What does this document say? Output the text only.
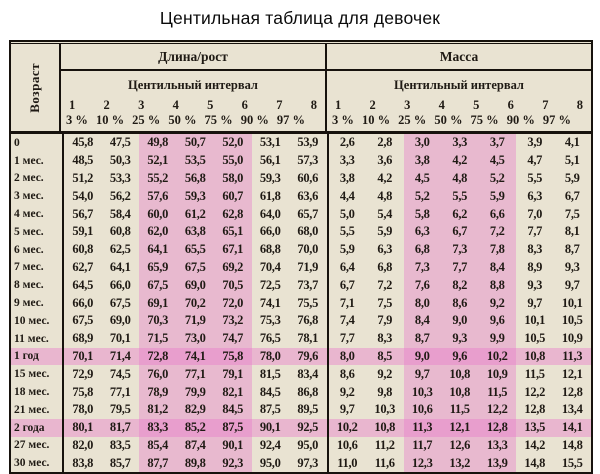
Центильная таблица для девочек
Возраст
Длина/рост
Центильный интервал
1 2 3 4 5 6 7 8
3 % 10 % 25 % 50 % 75 % 90 % 97 %
Масса
Центильный интервал
1 2 3 4 5 6 7 8
3 % 10 % 25 % 50 % 75 % 90 % 97 %
0	45,8	47,5	49,8	50,7	52,0	53,1	53,9	2,6	2,8	3,0	3,3	3,7	3,9	4,1
1 мес.	48,5	50,3	52,1	53,5	55,0	56,1	57,3	3,3	3,6	3,8	4,2	4,5	4,7	5,1
2 мес.	51,2	53,3	55,2	56,8	58,0	59,3	60,6	3,8	4,2	4,5	4,8	5,2	5,5	5,9
3 мес.	54,0	56,2	57,6	59,3	60,7	61,8	63,6	4,4	4,8	5,2	5,5	5,9	6,3	6,7
4 мес.	56,7	58,4	60,0	61,2	62,8	64,0	65,7	5,0	5,4	5,8	6,2	6,6	7,0	7,5
5 мес.	59,1	60,8	62,0	63,8	65,1	66,0	68,0	5,5	5,9	6,3	6,7	7,2	7,7	8,1
6 мес.	60,8	62,5	64,1	65,5	67,1	68,8	70,0	5,9	6,3	6,8	7,3	7,8	8,3	8,7
7 мес.	62,7	64,1	65,9	67,5	69,2	70,4	71,9	6,4	6,8	7,3	7,7	8,4	8,9	9,3
8 мес.	64,5	66,0	67,5	69,0	70,5	72,5	73,7	6,7	7,2	7,6	8,2	8,8	9,3	9,7
9 мес.	66,0	67,5	69,1	70,2	72,0	74,1	75,5	7,1	7,5	8,0	8,6	9,2	9,7	10,1
10 мес.	67,5	69,0	70,3	71,9	73,2	75,3	76,8	7,4	7,9	8,4	9,0	9,6	10,1	10,5
11 мес.	68,9	70,1	71,5	73,0	74,7	76,5	78,1	7,7	8,3	8,7	9,3	9,9	10,5	10,9
1 год	70,1	71,4	72,8	74,1	75,8	78,0	79,6	8,0	8,5	9,0	9,6	10,2	10,8	11,3
15 мес.	72,9	74,5	76,0	77,1	79,1	81,5	83,4	8,6	9,2	9,7	10,8	10,9	11,5	12,1
18 мес.	75,8	77,1	78,9	79,9	82,1	84,5	86,8	9,2	9,8	10,3	10,8	11,5	12,2	12,8
21 мес.	78,0	79,5	81,2	82,9	84,5	87,5	89,5	9,7	10,3	10,6	11,5	12,2	12,8	13,4
2 года	80,1	81,7	83,3	85,2	87,5	90,1	92,5	10,2	10,8	11,3	12,1	12,8	13,5	14,1
27 мес.	82,0	83,5	85,4	87,4	90,1	92,4	95,0	10,6	11,2	11,7	12,6	13,3	14,2	14,8
30 мес.	83,8	85,7	87,7	89,8	92,3	95,0	97,3	11,0	11,6	12,3	13,2	13,9	14,8	15,5
